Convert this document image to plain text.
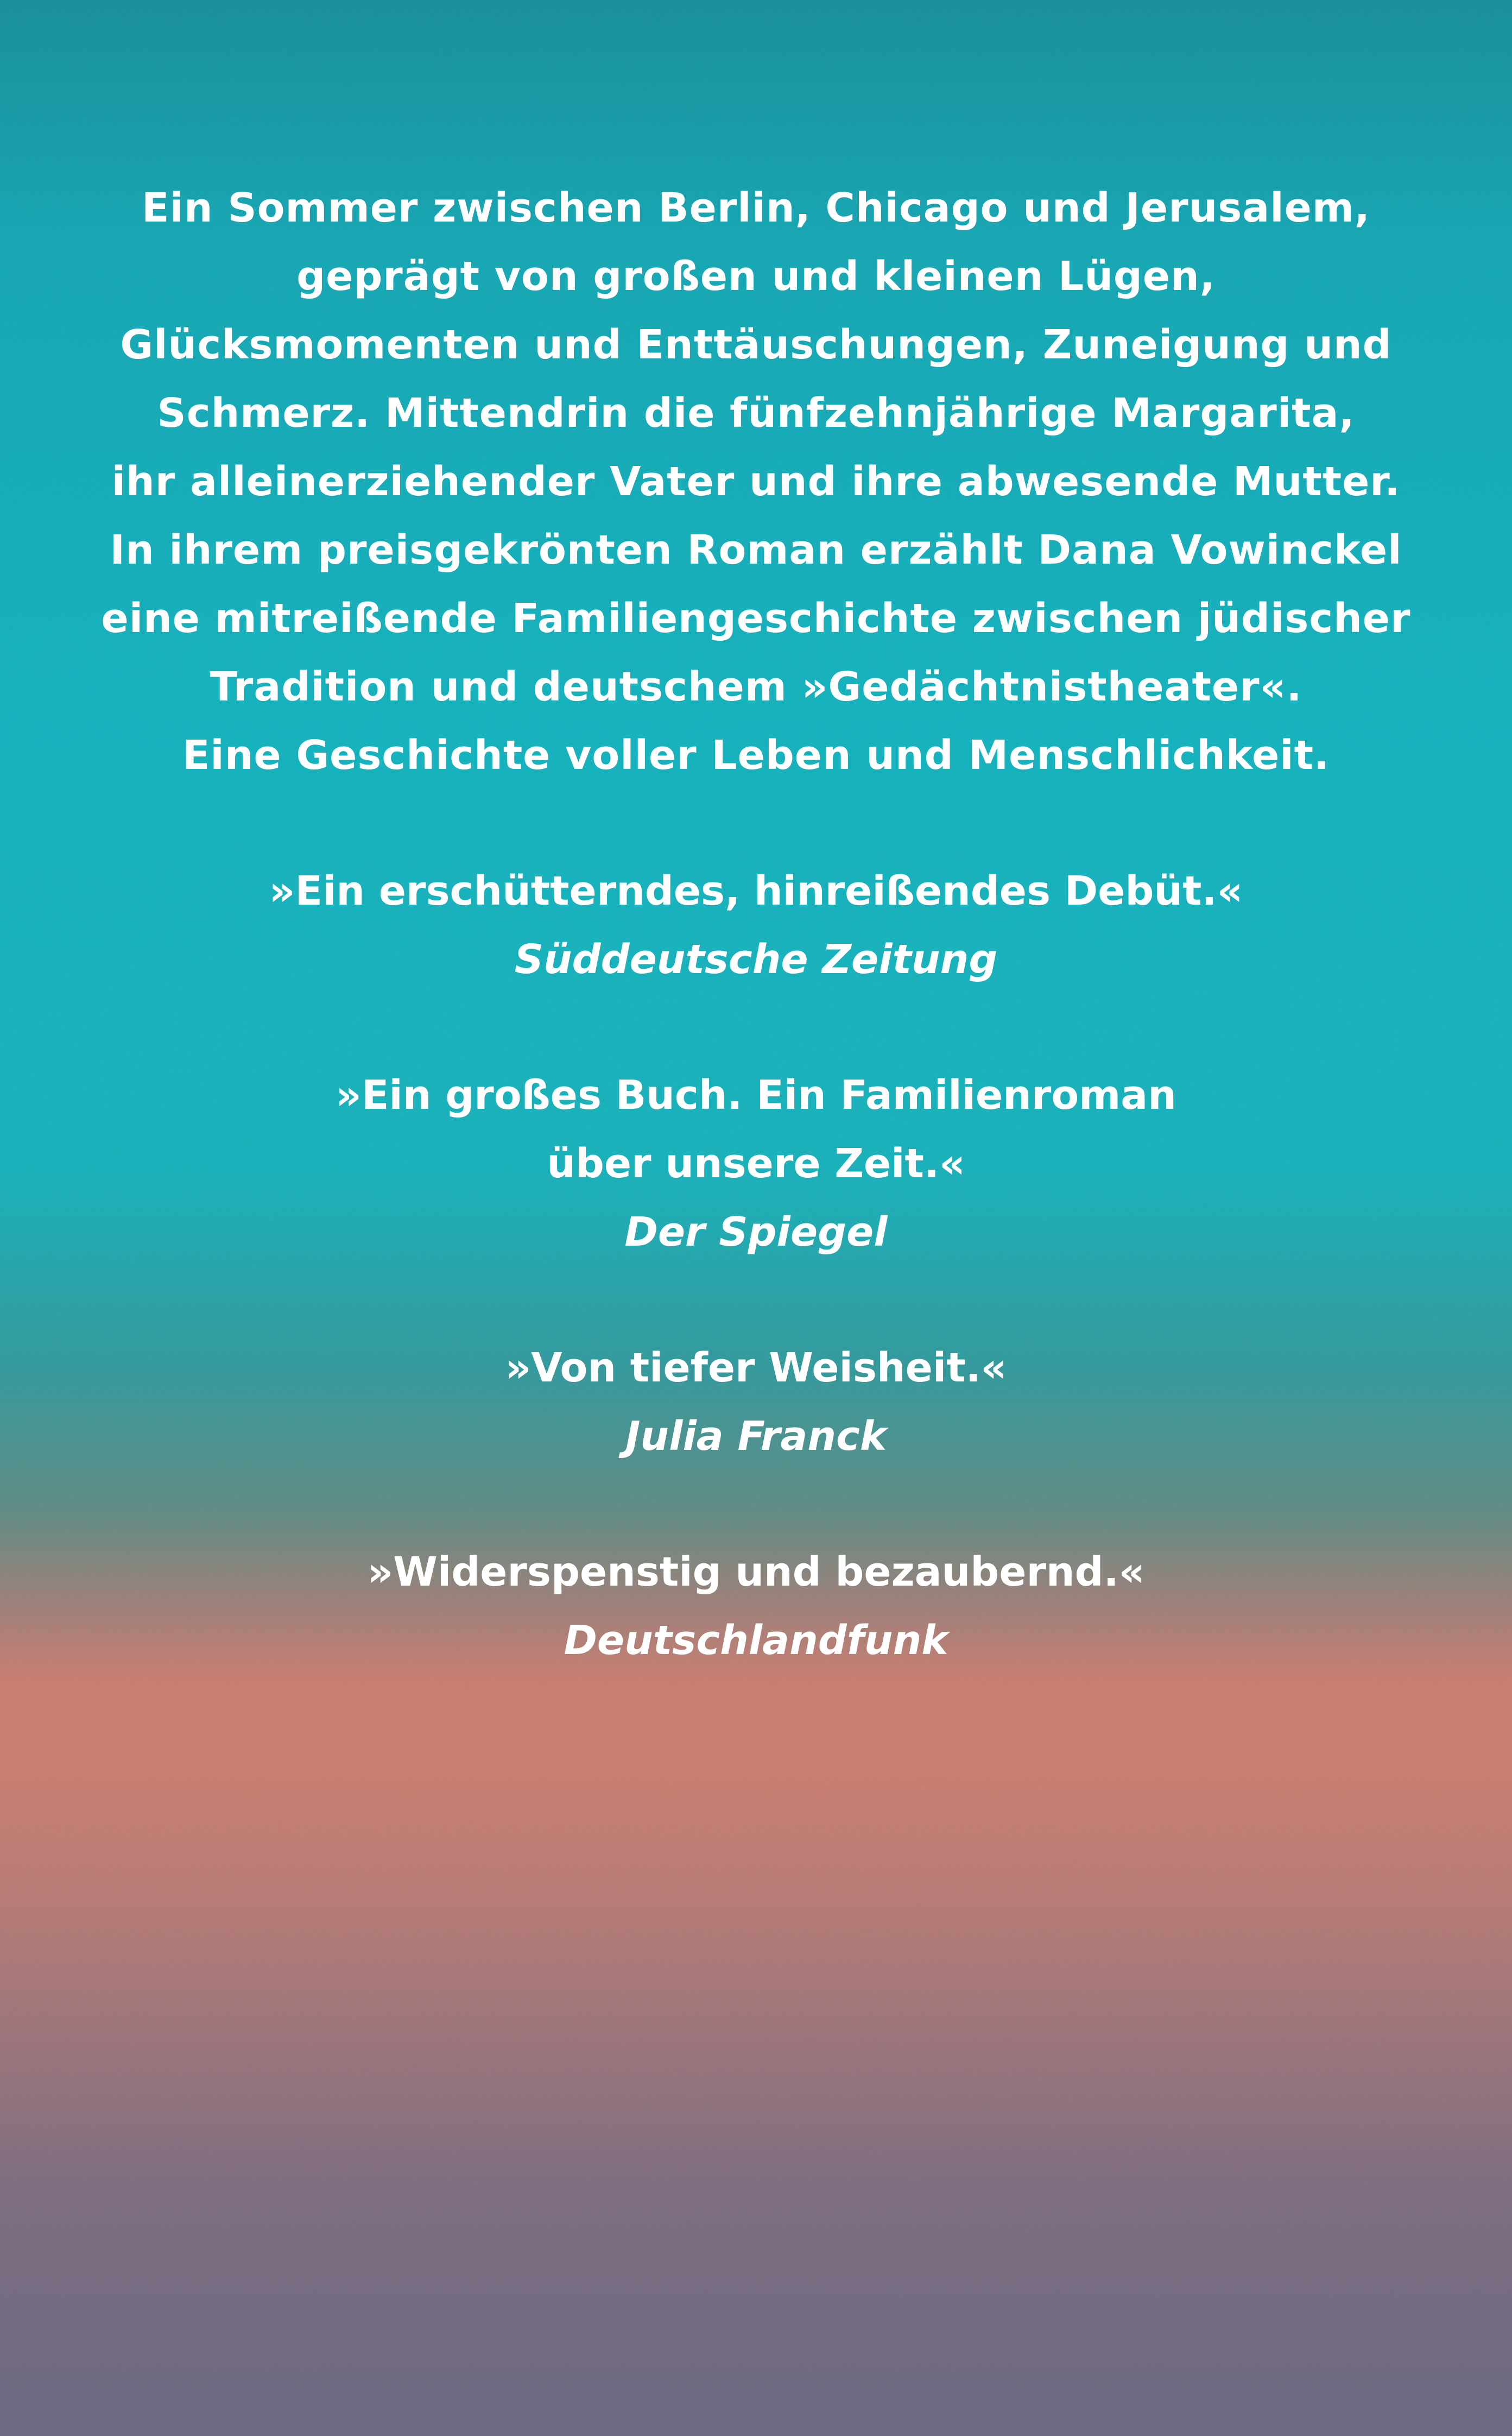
Ein Sommer zwischen Berlin, Chicago und Jerusalem,

geprägt von großen und kleinen Lügen,

Glücksmomenten und Enttäuschungen, Zuneigung und

Schmerz. Mittendrin die fünfzehnjährige Margarita,

ihr alleinerziehender Vater und ihre abwesende Mutter.

In ihrem preisgekrönten Roman erzählt Dana Vowinckel

eine mitreißende Familiengeschichte zwischen jüdischer

Tradition und deutschem »Gedächtnistheater«.

Eine Geschichte voller Leben und Menschlichkeit.

»Ein erschütterndes, hinreißendes Debüt.«

Süddeutsche Zeitung

»Ein großes Buch. Ein Familienroman

über unsere Zeit.«

Der Spiegel

»Von tiefer Weisheit.«

Julia Franck

»Widerspenstig und bezaubernd.«

Deutschlandfunk
